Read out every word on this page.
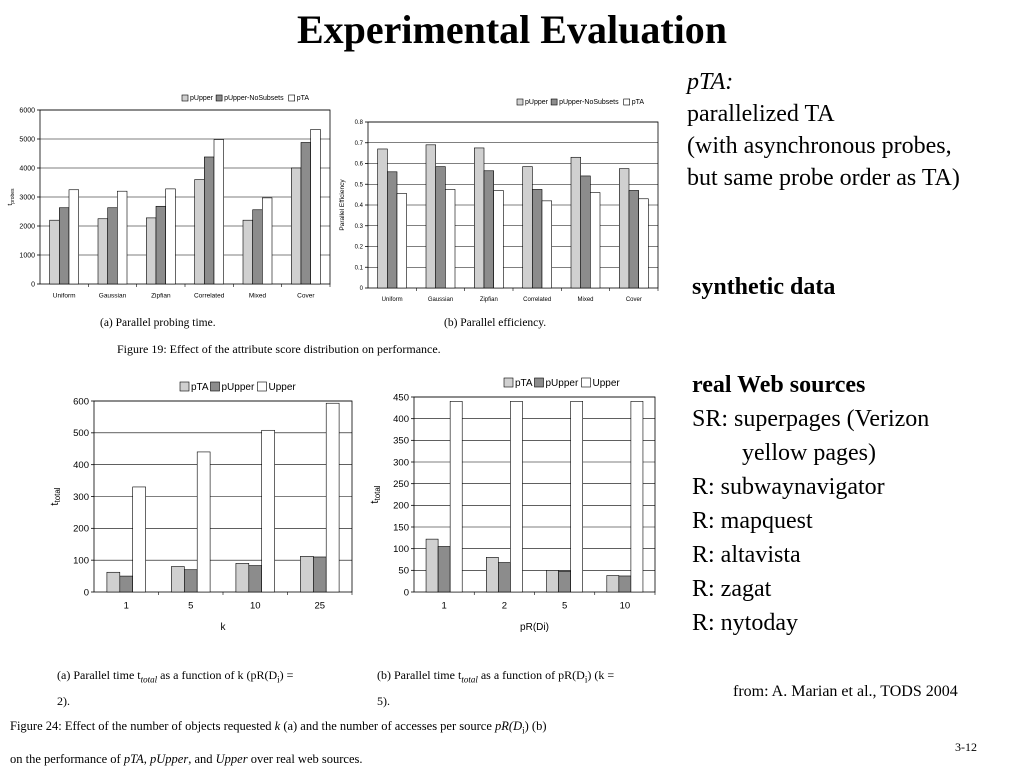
Experimental Evaluation
0
1000
2000
3000
4000
5000
6000
Uniform	Gaussian	Zipfian	Correlated	Mixed	Cover
pUpper pUpper-NoSubsets pTA
$t_{probes}$
0
0.1
0.2
0.3
0.4
0.5
0.6
0.7
0.8
Uniform	Gaussian	Zipfian	Correlated	Mixed	Cover
pUpper pUpper-NoSubsets pTA
Parallel Efficiency
(a) Parallel probing time.	(b) Parallel efficiency.
Figure 19: Effect of the attribute score distribution on performance.
0
100
200
300
400
500
600
1	5	10	25
pTA pUpper Upper
ttotal
k
0
50
100
150
200
250
300
350
400
450
1	2	5	10
pTA pUpper Upper
ttotal
pR(Di)
(a) Parallel time $t_{total}$ as a function of k ($pR(D_i)$ =
2).
(b) Parallel time $t_{total}$ as a function of $pR(D_i) (k$ =
5).
Figure 24: Effect of the number of objects requested k (a) and the number of accesses per source $pR(D_i)$ (b)
on the performance of pTA, pUpper, and Upper over real web sources.
pTA:
parallelized TA
(with asynchronous probes,
but same probe order as TA)
synthetic data
real Web sources
SR: superpages (Verizon
yellow pages)
R: subwaynavigator
R: mapquest
R: altavista
R: zagat
R: nytoday
from: A. Marian et al., TODS 2004
3-12
